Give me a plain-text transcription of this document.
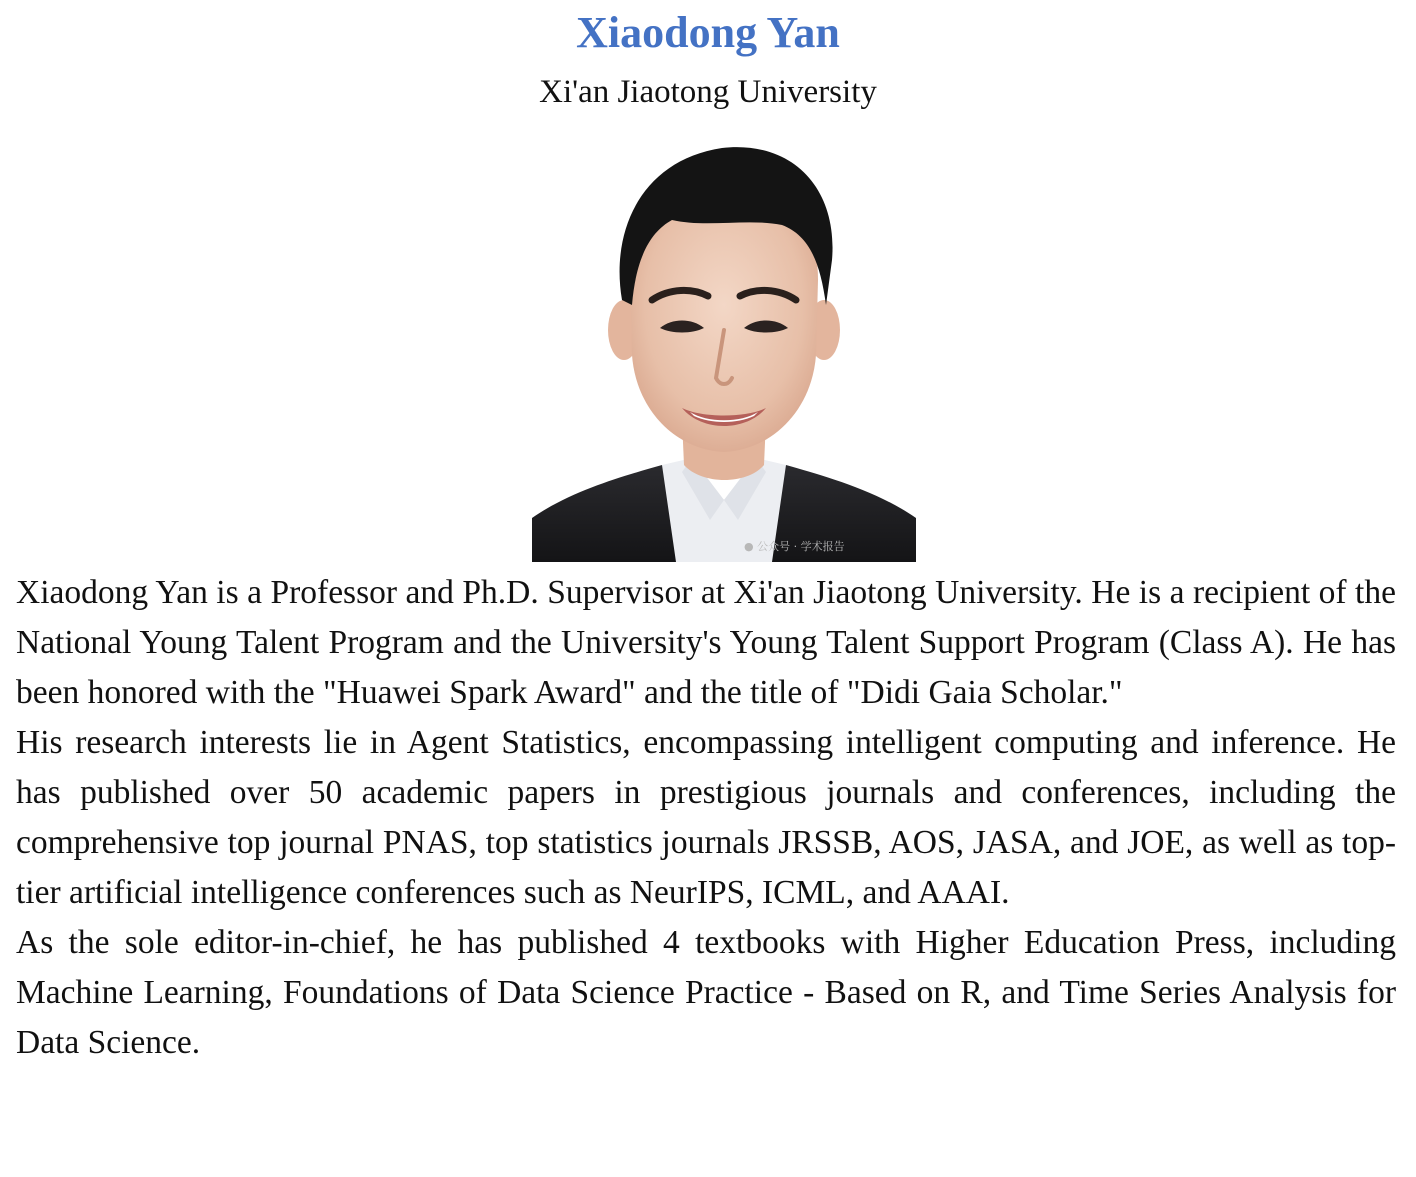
Xiaodong Yan
Xi'an Jiaotong University
● 公众号 · 学术报告

Xiaodong Yan is a Professor and Ph.D. Supervisor at Xi'an Jiaotong University. He is a recipient of the National Young Talent Program and the University's Young Talent Support Program (Class A). He has been honored with the "Huawei Spark Award" and the title of "Didi Gaia Scholar."

His research interests lie in Agent Statistics, encompassing intelligent computing and inference. He has published over 50 academic papers in prestigious journals and conferences, including the comprehensive top journal PNAS, top statistics journals JRSSB, AOS, JASA, and JOE, as well as top-tier artificial intelligence conferences such as NeurIPS, ICML, and AAAI.

As the sole editor-in-chief, he has published 4 textbooks with Higher Education Press, including Machine Learning, Foundations of Data Science Practice - Based on R, and Time Series Analysis for Data Science.
